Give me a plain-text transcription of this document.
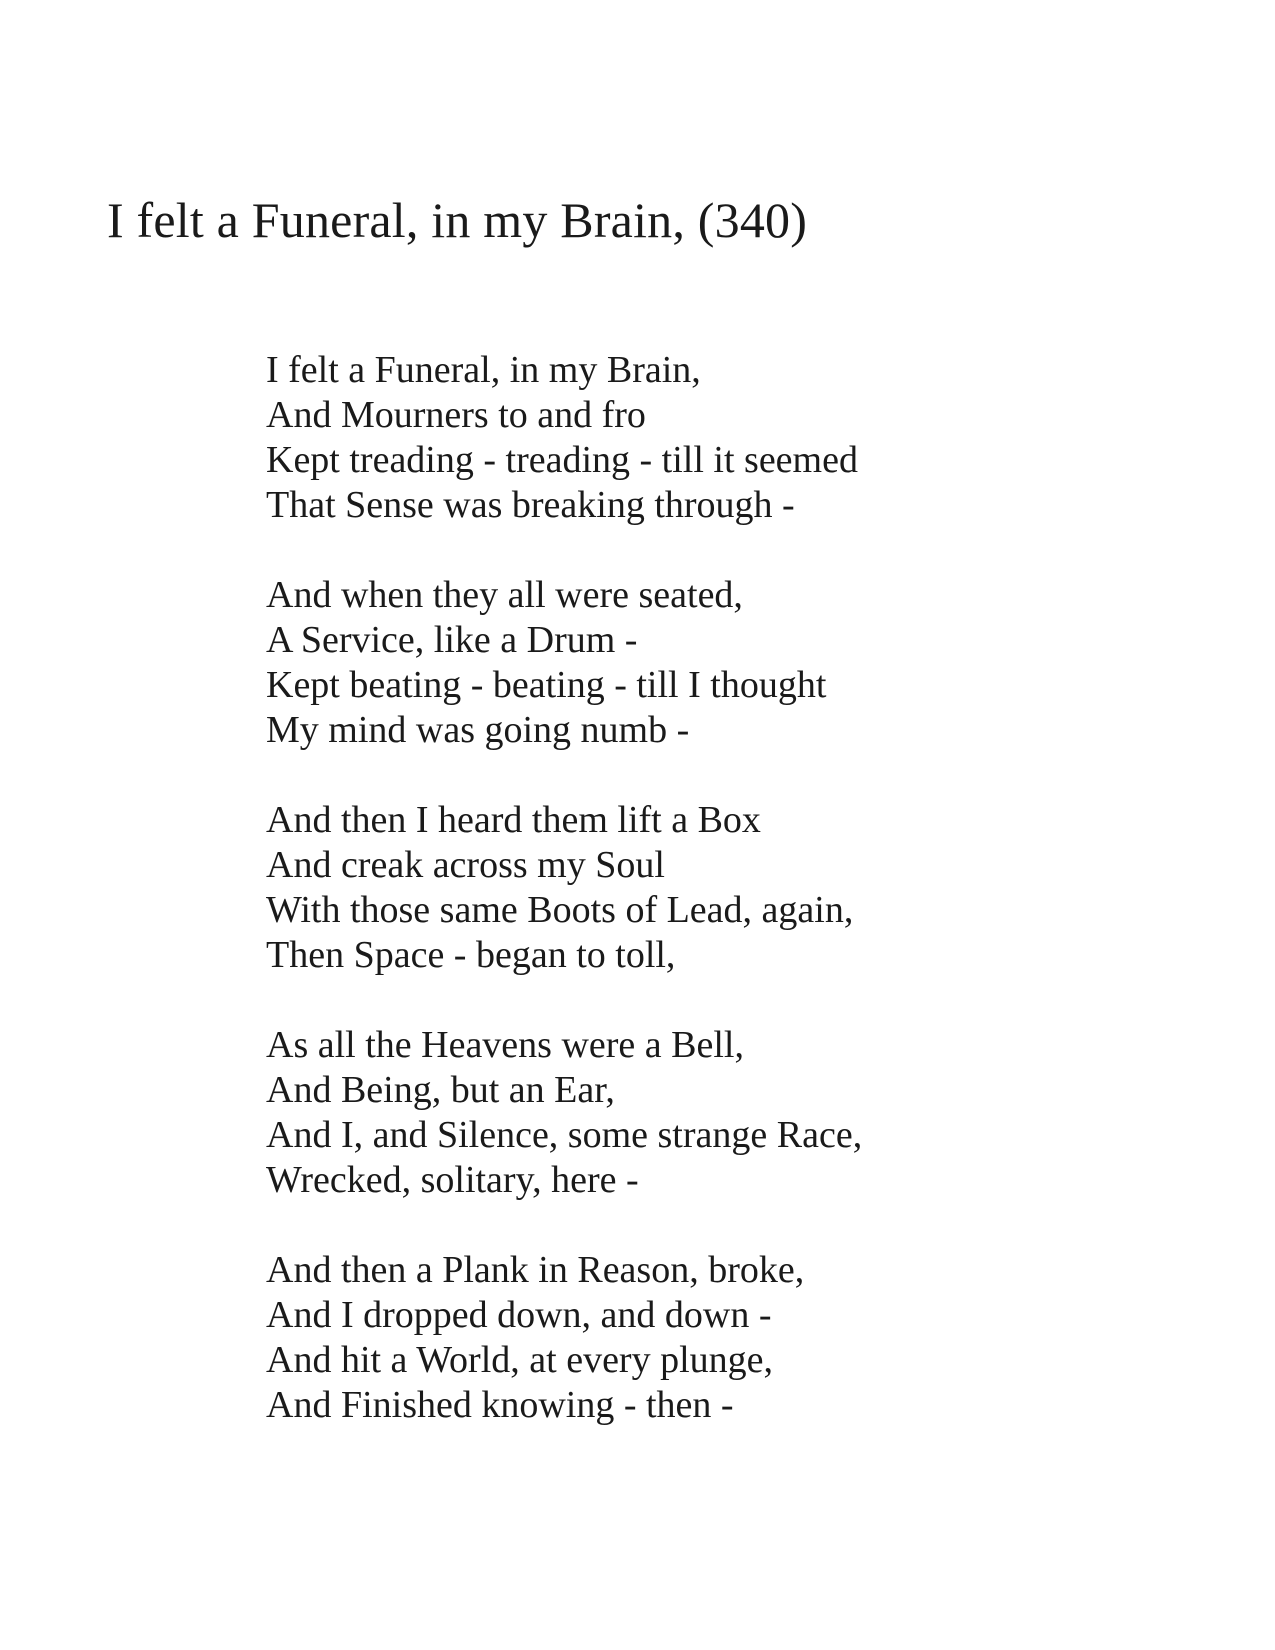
I felt a Funeral, in my Brain, (340)
I felt a Funeral, in my Brain,
And Mourners to and fro
Kept treading - treading - till it seemed
That Sense was breaking through -
And when they all were seated,
A Service, like a Drum -
Kept beating - beating - till I thought
My mind was going numb -
And then I heard them lift a Box
And creak across my Soul
With those same Boots of Lead, again,
Then Space - began to toll,
As all the Heavens were a Bell,
And Being, but an Ear,
And I, and Silence, some strange Race,
Wrecked, solitary, here -
And then a Plank in Reason, broke,
And I dropped down, and down -
And hit a World, at every plunge,
And Finished knowing - then -
